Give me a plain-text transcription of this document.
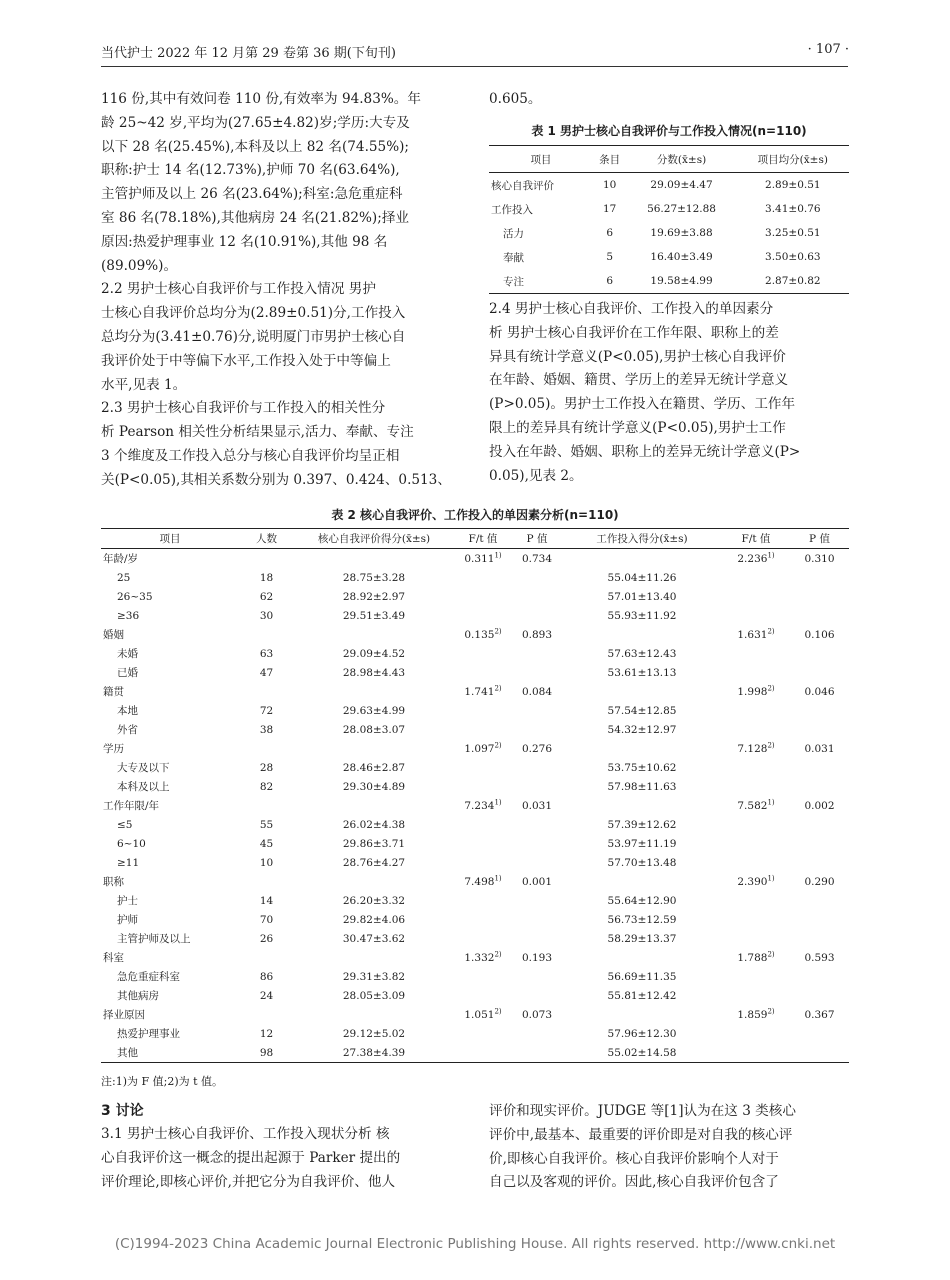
当代护士 2022 年 12 月第 29 卷第 36 期(下旬刊)	· 107 ·
116 份,其中有效问卷 110 份,有效率为 94.83%。年
龄 25~42 岁,平均为(27.65±4.82)岁;学历:大专及
以下 28 名(25.45%),本科及以上 82 名(74.55%);
职称:护士 14 名(12.73%),护师 70 名(63.64%),
主管护师及以上 26 名(23.64%);科室:急危重症科
室 86 名(78.18%),其他病房 24 名(21.82%);择业
原因:热爱护理事业 12 名(10.91%),其他 98 名
(89.09%)。
2.2 男护士核心自我评价与工作投入情况 男护
士核心自我评价总均分为(2.89±0.51)分,工作投入
总均分为(3.41±0.76)分,说明厦门市男护士核心自
我评价处于中等偏下水平,工作投入处于中等偏上
水平,见表 1。
2.3 男护士核心自我评价与工作投入的相关性分
析 Pearson 相关性分析结果显示,活力、奉献、专注
3 个维度及工作投入总分与核心自我评价均呈正相
关(P<0.05),其相关系数分别为 0.397、0.424、0.513、
0.605。
表 1 男护士核心自我评价与工作投入情况(n=110)
项目	条目	分数(x̄±s)	项目均分(x̄±s)
核心自我评价	10	29.09±4.47	2.89±0.51
工作投入	17	56.27±12.88	3.41±0.76
活力	6	19.69±3.88	3.25±0.51
奉献	5	16.40±3.49	3.50±0.63
专注	6	19.58±4.99	2.87±0.82
2.4 男护士核心自我评价、工作投入的单因素分
析 男护士核心自我评价在工作年限、职称上的差
异具有统计学意义(P<0.05),男护士核心自我评价
在年龄、婚姻、籍贯、学历上的差异无统计学意义
(P>0.05)。男护士工作投入在籍贯、学历、工作年
限上的差异具有统计学意义(P<0.05),男护士工作
投入在年龄、婚姻、职称上的差异无统计学意义(P>
0.05),见表 2。
表 2 核心自我评价、工作投入的单因素分析(n=110)
项目	人数	核心自我评价得分(x̄±s)	F/t 值	P 值	工作投入得分(x̄±s)	F/t 值	P 值
年龄/岁			0.311$^{1)}$	0.734		2.236$^{1)}$	0.310
25	18	28.75±3.28			55.04±11.26		
26~35	62	28.92±2.97			57.01±13.40		
≥36	30	29.51±3.49			55.93±11.92		
婚姻			0.135$^{2)}$	0.893		1.631$^{2)}$	0.106
未婚	63	29.09±4.52			57.63±12.43		
已婚	47	28.98±4.43			53.61±13.13		
籍贯			1.741$^{2)}$	0.084		1.998$^{2)}$	0.046
本地	72	29.63±4.99			57.54±12.85		
外省	38	28.08±3.07			54.32±12.97		
学历			1.097$^{2)}$	0.276		7.128$^{2)}$	0.031
大专及以下	28	28.46±2.87			53.75±10.62		
本科及以上	82	29.30±4.89			57.98±11.63		
工作年限/年			7.234$^{1)}$	0.031		7.582$^{1)}$	0.002
≤5	55	26.02±4.38			57.39±12.62		
6~10	45	29.86±3.71			53.97±11.19		
≥11	10	28.76±4.27			57.70±13.48		
职称			7.498$^{1)}$	0.001		2.390$^{1)}$	0.290
护士	14	26.20±3.32			55.64±12.90		
护师	70	29.82±4.06			56.73±12.59		
主管护师及以上	26	30.47±3.62			58.29±13.37		
科室			1.332$^{2)}$	0.193		1.788$^{2)}$	0.593
急危重症科室	86	29.31±3.82			56.69±11.35		
其他病房	24	28.05±3.09			55.81±12.42		
择业原因			1.051$^{2)}$	0.073		1.859$^{2)}$	0.367
热爱护理事业	12	29.12±5.02			57.96±12.30		
其他	98	27.38±4.39			55.02±14.58		
注:1)为 F 值;2)为 t 值。
3 讨论
3.1 男护士核心自我评价、工作投入现状分析 核
心自我评价这一概念的提出起源于 Parker 提出的
评价理论,即核心评价,并把它分为自我评价、他人
评价和现实评价。JUDGE 等[1]认为在这 3 类核心
评价中,最基本、最重要的评价即是对自我的核心评
价,即核心自我评价。核心自我评价影响个人对于
自己以及客观的评价。因此,核心自我评价包含了
(C)1994-2023 China Academic Journal Electronic Publishing House. All rights reserved. http://www.cnki.net
